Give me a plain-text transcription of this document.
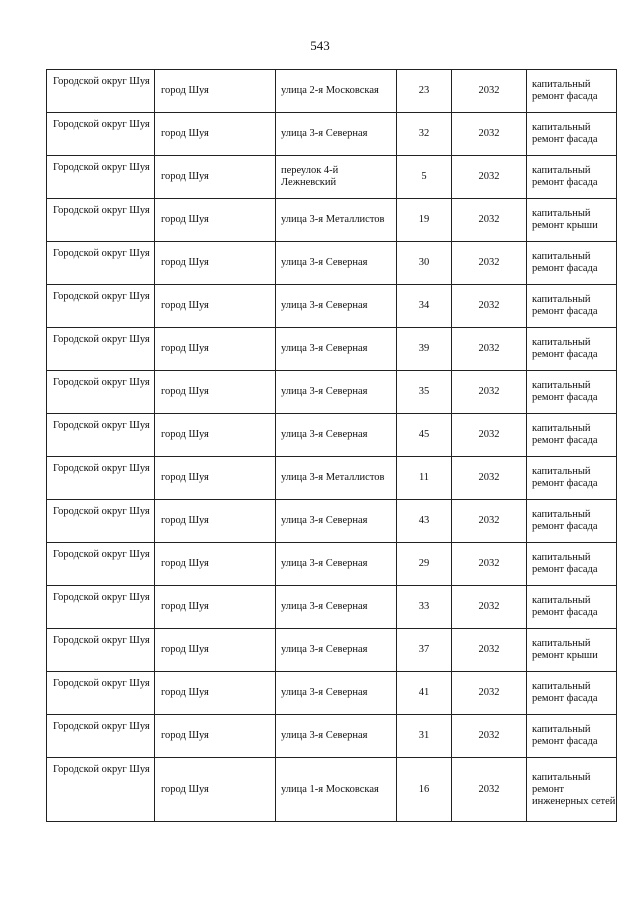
543
Городской округ Шуя	город Шуя	улица 2-я Московская	23	2032	капитальный ремонт фасада
Городской округ Шуя	город Шуя	улица 3-я Северная	32	2032	капитальный ремонт фасада
Городской округ Шуя	город Шуя	переулок 4-й Лежневский	5	2032	капитальный ремонт фасада
Городской округ Шуя	город Шуя	улица 3-я Металлистов	19	2032	капитальный ремонт крыши
Городской округ Шуя	город Шуя	улица 3-я Северная	30	2032	капитальный ремонт фасада
Городской округ Шуя	город Шуя	улица 3-я Северная	34	2032	капитальный ремонт фасада
Городской округ Шуя	город Шуя	улица 3-я Северная	39	2032	капитальный ремонт фасада
Городской округ Шуя	город Шуя	улица 3-я Северная	35	2032	капитальный ремонт фасада
Городской округ Шуя	город Шуя	улица 3-я Северная	45	2032	капитальный ремонт фасада
Городской округ Шуя	город Шуя	улица 3-я Металлистов	11	2032	капитальный ремонт фасада
Городской округ Шуя	город Шуя	улица 3-я Северная	43	2032	капитальный ремонт фасада
Городской округ Шуя	город Шуя	улица 3-я Северная	29	2032	капитальный ремонт фасада
Городской округ Шуя	город Шуя	улица 3-я Северная	33	2032	капитальный ремонт фасада
Городской округ Шуя	город Шуя	улица 3-я Северная	37	2032	капитальный ремонт крыши
Городской округ Шуя	город Шуя	улица 3-я Северная	41	2032	капитальный ремонт фасада
Городской округ Шуя	город Шуя	улица 3-я Северная	31	2032	капитальный ремонт фасада
Городской округ Шуя	город Шуя	улица 1-я Московская	16	2032	капитальный ремонт инженерных сетей
